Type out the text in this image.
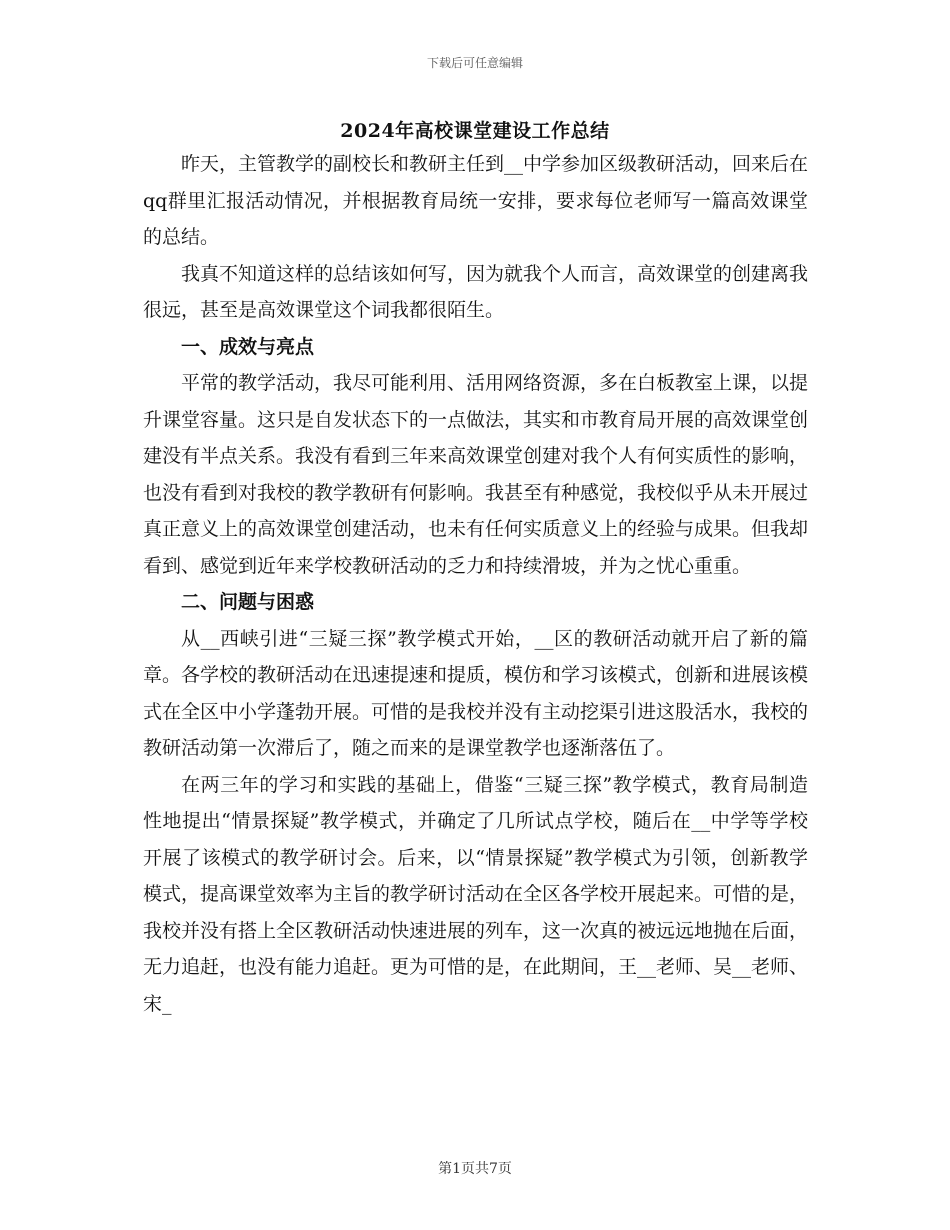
下载后可任意编辑
2024年高校课堂建设工作总结

昨天，主管教学的副校长和教研主任到__中学参加区级教研活动，回来后在qq群里汇报活动情况，并根据教育局统一安排，要求每位老师写一篇高效课堂的总结。

我真不知道这样的总结该如何写，因为就我个人而言，高效课堂的创建离我很远，甚至是高效课堂这个词我都很陌生。

一、成效与亮点

平常的教学活动，我尽可能利用、活用网络资源，多在白板教室上课，以提升课堂容量。这只是自发状态下的一点做法，其实和市教育局开展的高效课堂创建没有半点关系。我没有看到三年来高效课堂创建对我个人有何实质性的影响，也没有看到对我校的教学教研有何影响。我甚至有种感觉，我校似乎从未开展过真正意义上的高效课堂创建活动，也未有任何实质意义上的经验与成果。但我却看到、感觉到近年来学校教研活动的乏力和持续滑坡，并为之忧心重重。

二、问题与困惑

从__西峡引进“三疑三探”教学模式开始，__区的教研活动就开启了新的篇章。各学校的教研活动在迅速提速和提质，模仿和学习该模式，创新和进展该模式在全区中小学蓬勃开展。可惜的是我校并没有主动挖渠引进这股活水，我校的教研活动第一次滞后了，随之而来的是课堂教学也逐渐落伍了。

在两三年的学习和实践的基础上，借鉴“三疑三探”教学模式，教育局制造性地提出“情景探疑”教学模式，并确定了几所试点学校，随后在__中学等学校开展了该模式的教学研讨会。后来，以“情景探疑”教学模式为引领，创新教学模式，提高课堂效率为主旨的教学研讨活动在全区各学校开展起来。可惜的是，我校并没有搭上全区教研活动快速进展的列车，这一次真的被远远地抛在后面，无力追赶，也没有能力追赶。更为可惜的是，在此期间，王__老师、吴__老师、宋_

第1页共7页
